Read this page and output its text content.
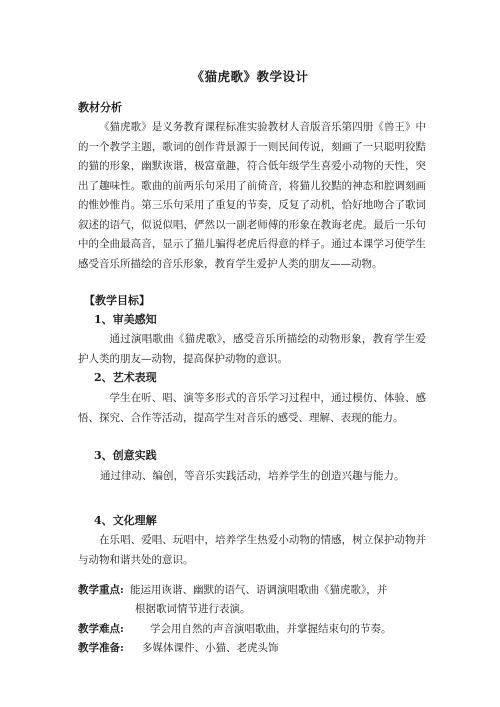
《猫虎歌》教学设计
教材分析
《猫虎歌》是义务教育课程标准实验教材人音版音乐第四册《兽王》中的一个教学主题，歌词的创作背景源于一则民间传说，刻画了一只聪明狡黠的猫的形象，幽默诙谐，极富童趣，符合低年级学生喜爱小动物的天性，突出了趣味性。歌曲的前两乐句采用了前倚音，将猫儿狡黠的神态和腔调刻画的惟妙惟肖。第三乐句采用了重复的节奏，反复了动机，恰好地吻合了歌词叙述的语气，似说似唱，俨然以一副老师傅的形象在教诲老虎。最后一乐句中的全曲最高音，显示了猫儿骗得老虎后得意的样子。通过本课学习使学生感受音乐所描绘的音乐形象，教育学生爱护人类的朋友——动物。
【教学目标】
1、审美感知
通过演唱歌曲《猫虎歌》，感受音乐所描绘的动物形象，教育学生爱护人类的朋友—动物，提高保护动物的意识。
2、艺术表现
学生在听、唱、演等多形式的音乐学习过程中，通过模仿、体验、感悟、探究、合作等活动，提高学生对音乐的感受、理解、表现的能力。
3、创意实践
通过律动、编创，等音乐实践活动，培养学生的创造兴趣与能力。
4、文化理解
在乐唱、爱唱、玩唱中，培养学生热爱小动物的情感，树立保护动物并与动物和谐共处的意识。
教学重点: 能运用诙谐、幽默的语气、语调演唱歌曲《猫虎歌》，并
根据歌词情节进行表演。
教学难点: 学会用自然的声音演唱歌曲，并掌握结束句的节奏。
教学准备: 多媒体课件、小猫、老虎头饰
